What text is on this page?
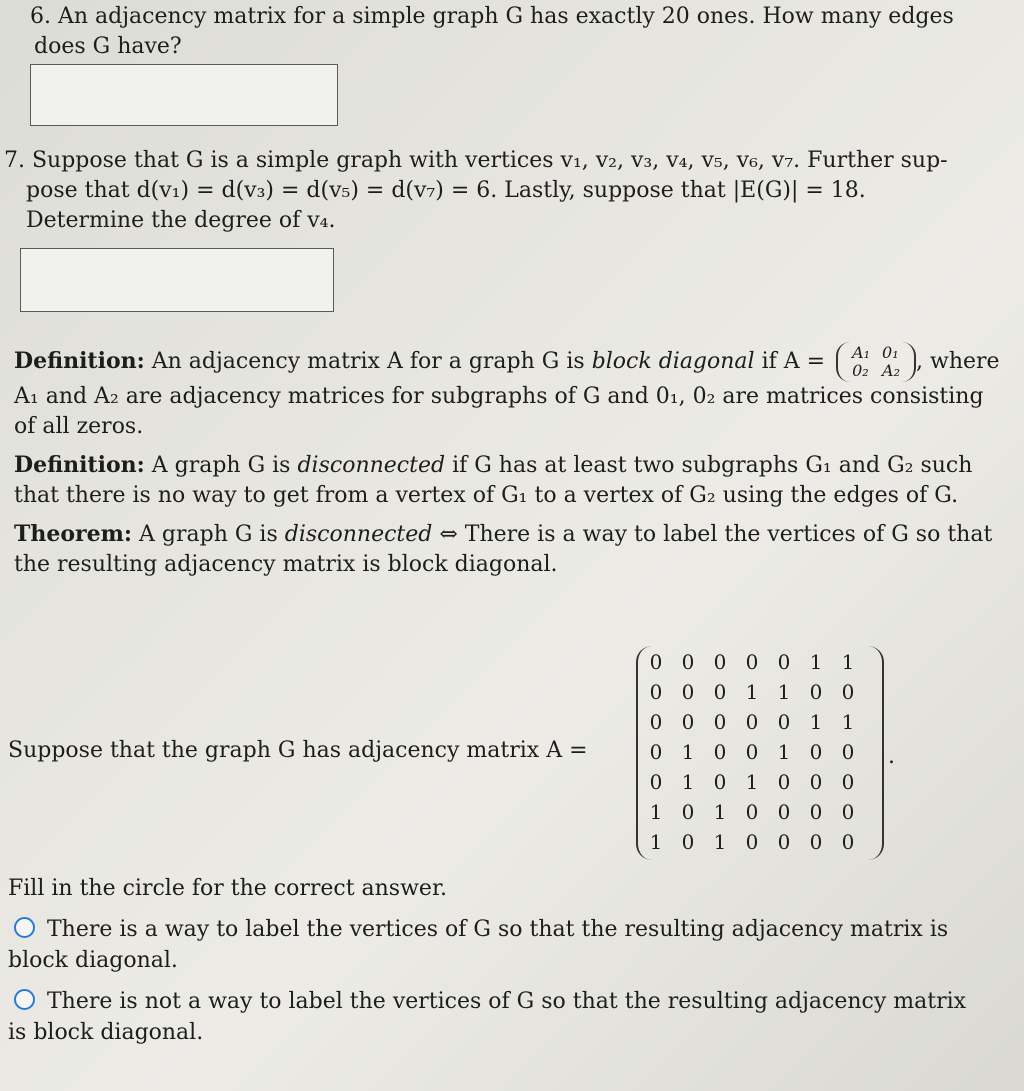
6. An adjacency matrix for a simple graph G has exactly 20 ones. How many edges
does G have?
7. Suppose that G is a simple graph with vertices v₁, v₂, v₃, v₄, v₅, v₆, v₇. Further sup-
pose that d(v₁) = d(v₃) = d(v₅) = d(v₇) = 6. Lastly, suppose that |E(G)| = 18.
Determine the degree of v₄.
Definition: An adjacency matrix A for a graph G is block diagonal if A = A₁	0₁
0₂	A₂ , where A₁ and A₂ are adjacency matrices for subgraphs of G and 0₁, 0₂ are matrices consisting of all zeros.
Definition: A graph G is disconnected if G has at least two subgraphs G₁ and G₂ such that there is no way to get from a vertex of G₁ to a vertex of G₂ using the edges of G.
Theorem: A graph G is disconnected ⇔ There is a way to label the vertices of G so that the resulting adjacency matrix is block diagonal.
Suppose that the graph G has adjacency matrix A =
0 0 0 0 0 1 1
0 0 0 1 1 0 0
0 0 0 0 0 1 1
0 1 0 0 1 0 0
0 1 0 1 0 0 0
1 0 1 0 0 0 0
1 0 1 0 0 0 0
.
Fill in the circle for the correct answer.
There is a way to label the vertices of G so that the resulting adjacency matrix is block diagonal.
There is not a way to label the vertices of G so that the resulting adjacency matrix is block diagonal.
